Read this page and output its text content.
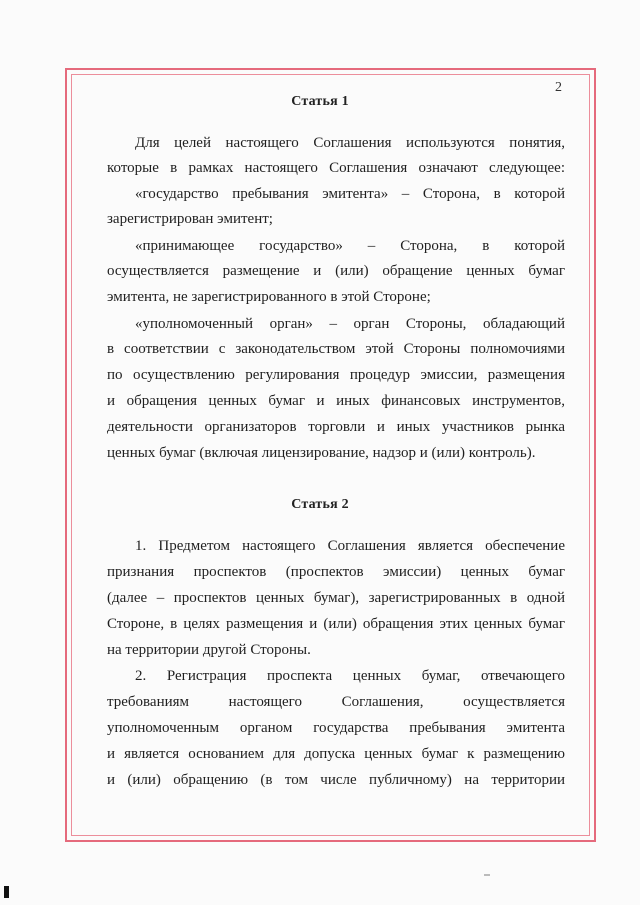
2
Статья 1
Для целей настоящего Соглашения используются понятия,
которые в рамках настоящего Соглашения означают следующее:
«государство пребывания эмитента» – Сторона, в которой
зарегистрирован эмитент;
«принимающее государство» – Сторона, в которой
осуществляется размещение и (или) обращение ценных бумаг
эмитента, не зарегистрированного в этой Стороне;
«уполномоченный орган» – орган Стороны, обладающий
в соответствии с законодательством этой Стороны полномочиями
по осуществлению регулирования процедур эмиссии, размещения
и обращения ценных бумаг и иных финансовых инструментов,
деятельности организаторов торговли и иных участников рынка
ценных бумаг (включая лицензирование, надзор и (или) контроль).
Статья 2
1. Предметом настоящего Соглашения является обеспечение
признания проспектов (проспектов эмиссии) ценных бумаг
(далее – проспектов ценных бумаг), зарегистрированных в одной
Стороне, в целях размещения и (или) обращения этих ценных бумаг
на территории другой Стороны.
2. Регистрация проспекта ценных бумаг, отвечающего
требованиям настоящего Соглашения, осуществляется
уполномоченным органом государства пребывания эмитента
и является основанием для допуска ценных бумаг к размещению
и (или) обращению (в том числе публичному) на территории
